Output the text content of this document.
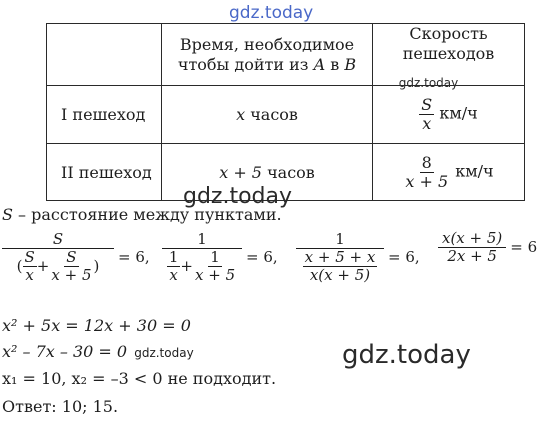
gdz.today
	Время, необходимое
чтобы дойти из A в B	Скорость
пешеходов $_{gdz.today}$
I пешеход	x часов	$\frac{S}{x} км/ч$
II пешеход	x + 5 часов	$\frac{8}{x + 5} км/ч$
gdz.today
S – расстояние между пунктами.
$\frac{S}{( \frac{S}{x} + \frac{S}{x + 5} )} = 6$, $\frac{1}{\frac{1}{x} + \frac{1}{x + 5}} = 6$, $\frac{1}{\frac{x + 5 + x}{x(x + 5)}} = 6$, $\frac{x(x + 5)}{2x + 5} = 6$
x² + 5x = 12x + 30 = 0
x² – 7x – 30 = 0 gdz.today
x₁ = 10, x₂ = –3 < 0 не подходит.
Ответ: 10; 15.
gdz.today
